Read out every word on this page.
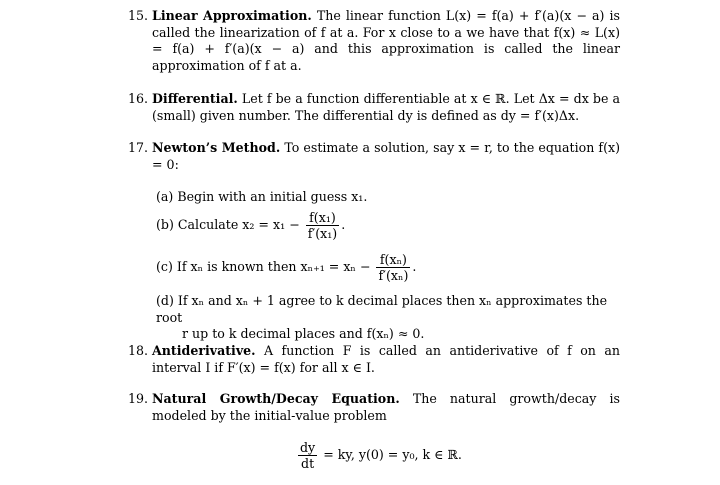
15. Linear Approximation. The linear function L(x) = f(a) + f′(a)(x − a) is called the linearization of f at a. For x close to a we have that f(x) ≈ L(x) = f(a) + f′(a)(x − a) and this approximation is called the linear approximation of f at a.
16. Differential. Let f be a function differentiable at x ∈ ℝ. Let Δx = dx be a (small) given number. The differential dy is defined as dy = f′(x)Δx.
17. Newton’s Method. To estimate a solution, say x = r, to the equation f(x) = 0:
(a) Begin with an initial guess x₁.
(b) Calculate $x_2 = x_1 - \frac{\text{f(x₁)}}{\text{f′(x₁)}}$ .
(c) If xₙ is known then $x_{n+1} = x_n - \frac{\text{f(xₙ)}}{\text{f′(xₙ)}}$ .
(d) If xₙ and xₙ + 1 agree to k decimal places then xₙ approximates the root
r up to k decimal places and f(xₙ) ≈ 0.
18. Antiderivative. A function F is called an antiderivative of f on an interval I if F′(x) = f(x) for all x ∈ I.
19. Natural Growth/Decay Equation. The natural growth/decay is modeled by the initial-value problem
$\frac{dy}{dt}$ = ky, y(0) = y₀, k ∈ ℝ.
